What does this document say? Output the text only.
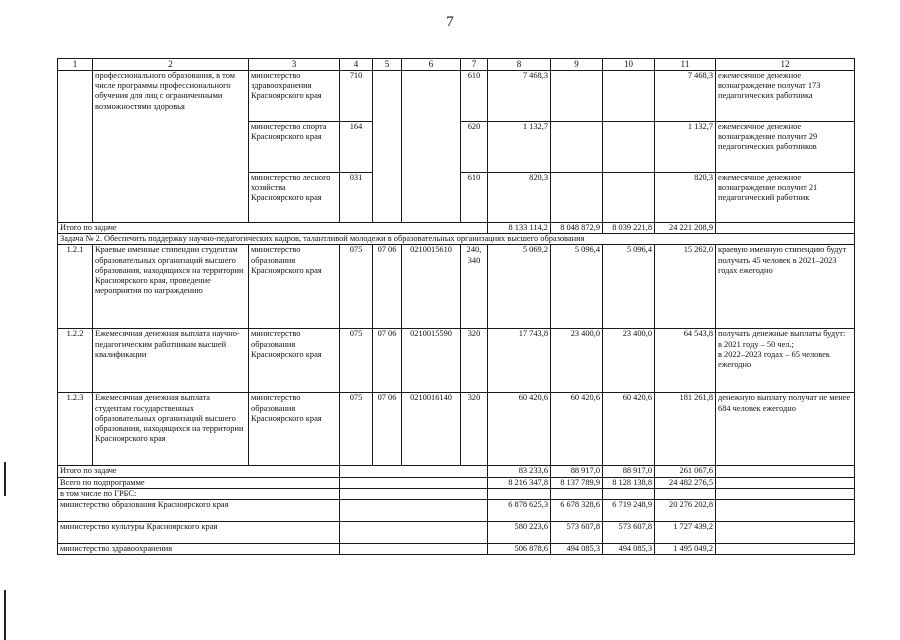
7
1	2	3	4	5	6	7	8	9	10	11	12
	профессионального образования, в том числе программы профессионального обучения для лиц с ограниченными возможностями здоровья	министерство здравоохранения Красноярского края	710			610	7 468,3			7 468,3	ежемесячное денежное вознаграждение получат 173 педагогических работника
		министерство спорта Красноярского края	164			620	1 132,7			1 132,7	ежемесячное денежное вознаграждение получит 29 педагогических работников
		министерство лесного хозяйства Красноярского края	031			610	820,3			820,3	ежемесячное денежное вознаграждение получит 21 педагогический работник
Итого по задаче							8 133 114,2	8 048 872,9	8 039 221,8	24 221 208,9	
Задача № 2. Обеспечить поддержку научно-педагогических кадров, талантливой молодежи в образовательных организациях высшего образования											
1.2.1	Краевые именные стипендии студентам образовательных организаций высшего образования, находящихся на территории Красноярского края, проведение мероприятия по награждению	министерство образования Красноярского края	075	07 06	0210015610	240, 340	5 069,2	5 096,4	5 096,4	15 262,0	краевую именную стипендию будут получать 45 человек в 2021–2023 годах ежегодно
1.2.2	Ежемесячная денежная выплата научно-педагогическим работникам высшей квалификации	министерство образования Красноярского края	075	07 06	0210015590	320	17 743,8	23 400,0	23 400,0	64 543,8	получать денежные выплаты будут:
в 2021 году – 50 чел.;
в 2022–2023 годах – 65 человек ежегодно
1.2.3	Ежемесячная денежная выплата студентам государственных образовательных организаций высшего образования, находящихся на территории Красноярского края	министерство образования Красноярского края	075	07 06	0210016140	320	60 420,6	60 420,6	60 420,6	181 261,8	денежную выплату получат не менее 684 человек ежегодно
Итого по задаче							83 233,6	88 917,0	88 917,0	261 067,6	
Всего по подпрограмме							8 216 347,8	8 137 789,9	8 128 138,8	24 482 276,5	
в том числе по ГРБС:											
министерство образования Красноярского края							6 878 625,3	6 678 328,6	6 719 248,9	20 276 202,8	
министерство культуры Красноярского края							580 223,6	573 607,8	573 607,8	1 727 439,2	
министерство здравоохранения							506 878,6	494 085,3	494 085,3	1 495 049,2	
